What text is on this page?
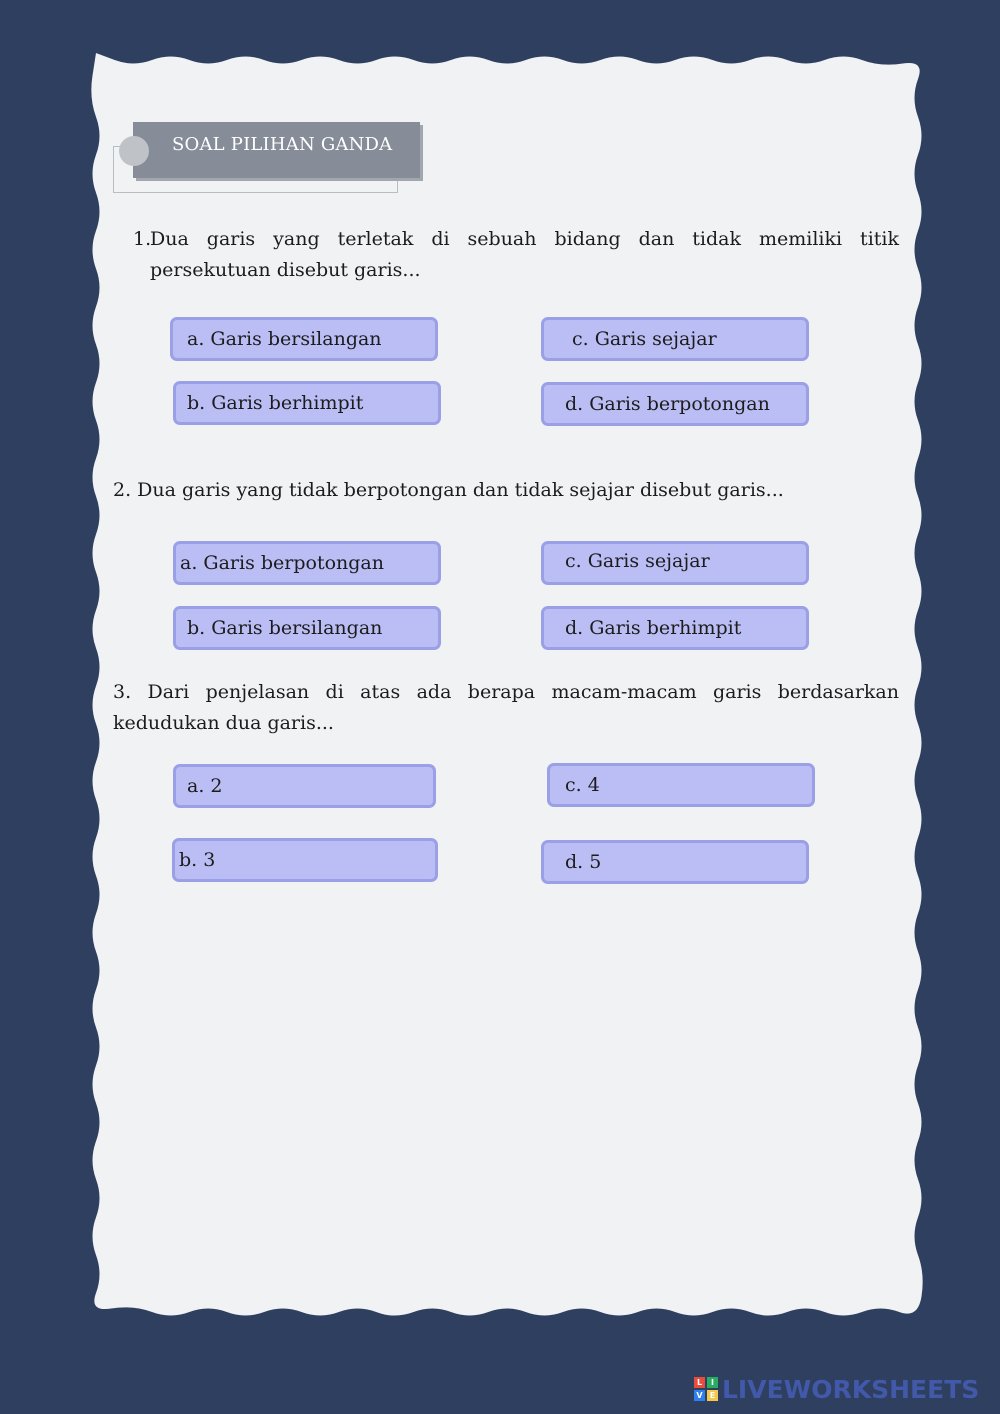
SOAL PILIHAN GANDA
1.
Dua garis yang terletak di sebuah bidang dan tidak memiliki titik
persekutuan disebut garis...
a. Garis bersilangan	c. Garis sejajar
b. Garis berhimpit	d. Garis berpotongan
2. Dua garis yang tidak berpotongan dan tidak sejajar disebut garis...
a. Garis berpotongan	c. Garis sejajar
b. Garis bersilangan	d. Garis berhimpit
3. Dari penjelasan di atas ada berapa macam-macam garis berdasarkan
kedudukan dua garis...
a. 2	c. 4
b. 3	d. 5
L	I
V E LIVEWORKSHEETS
